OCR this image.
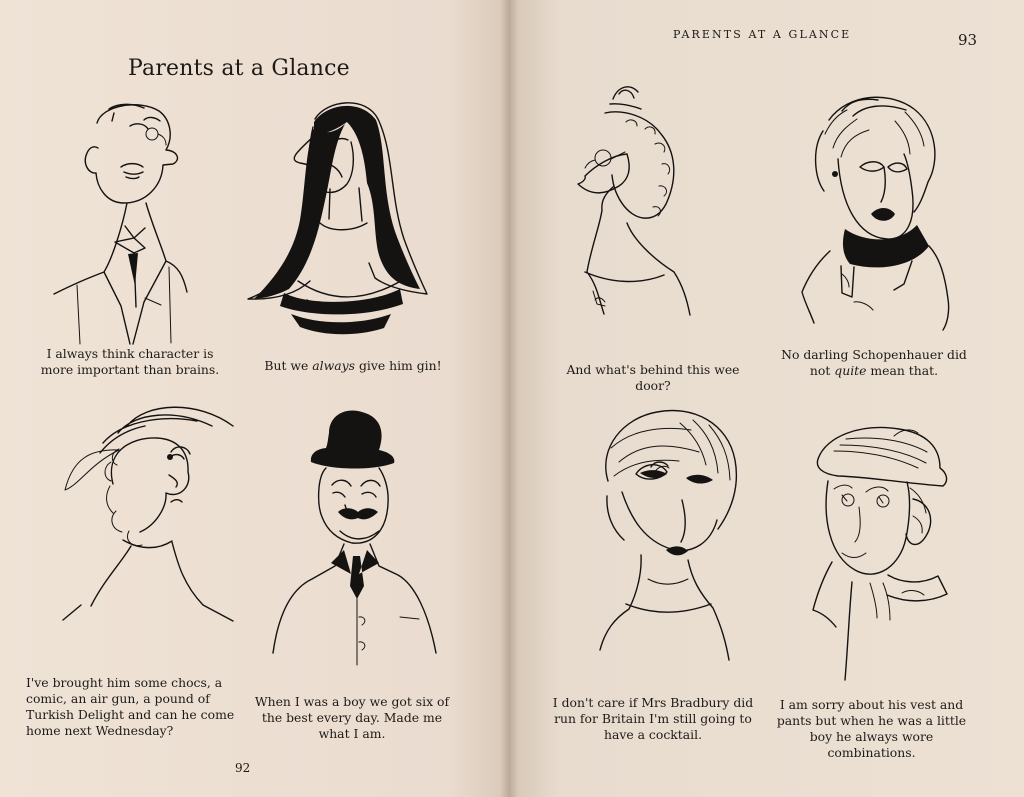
Parents at a Glance
PARENTS AT A GLANCE	93
92
I always think character is more important than brains.	But we always give him gin!
I've brought him some chocs, a comic, an air gun, a pound of Turkish Delight and can he come home next Wednesday?
When I was a boy we got six of the best every day. Made me what I am.
And what's behind this wee door?
No darling Schopenhauer did not quite mean that.
I don't care if Mrs Bradbury did run for Britain I'm still going to have a cocktail.
I am sorry about his vest and pants but when he was a little boy he always wore combinations.
